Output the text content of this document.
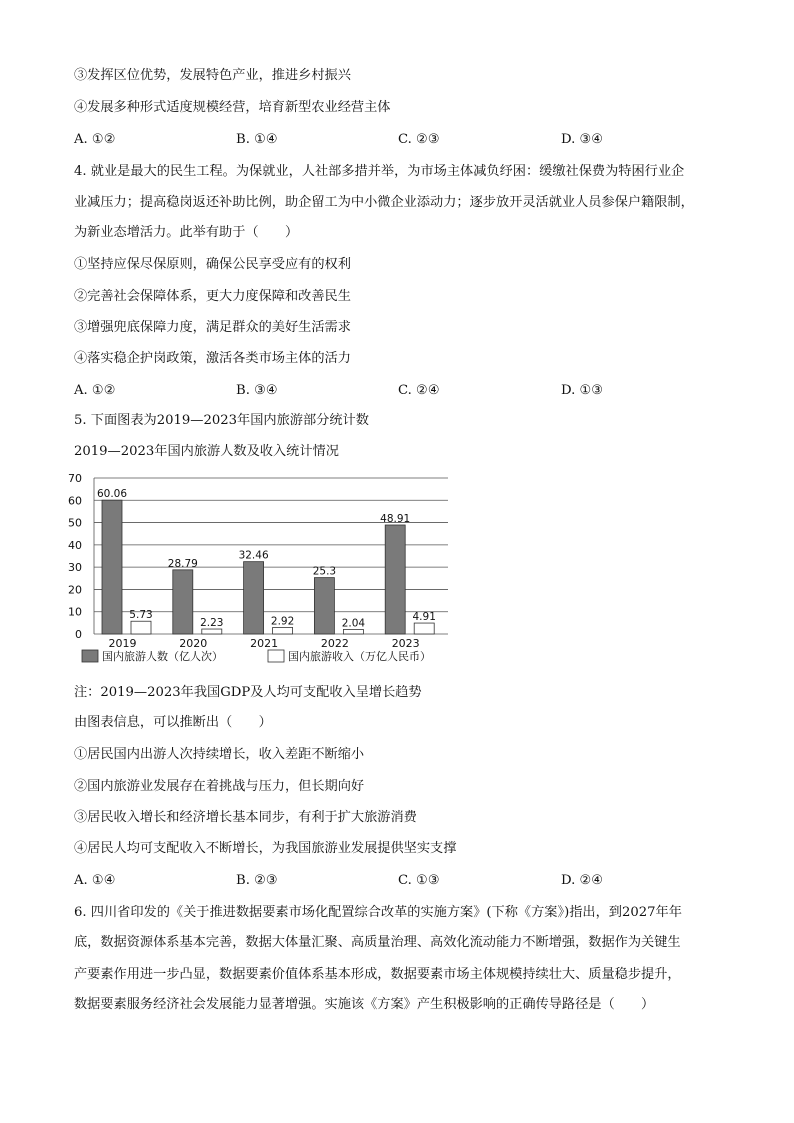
③发挥区位优势，发展特色产业，推进乡村振兴
④发展多种形式适度规模经营，培育新型农业经营主体
A. ①②	B. ①④	C. ②③	D. ③④
4. 就业是最大的民生工程。为保就业，人社部多措并举，为市场主体减负纾困：缓缴社保费为特困行业企
业减压力；提高稳岗返还补助比例，助企留工为中小微企业添动力；逐步放开灵活就业人员参保户籍限制，
为新业态增活力。此举有助于（　　）
①坚持应保尽保原则，确保公民享受应有的权利
②完善社会保障体系，更大力度保障和改善民生
③增强兜底保障力度，满足群众的美好生活需求
④落实稳企护岗政策，激活各类市场主体的活力
A. ①②	B. ③④	C. ②④	D. ①③
5. 下面图表为2019—2023年国内旅游部分统计数
2019—2023年国内旅游人数及收入统计情况
0
10
20
30
40
50
60
70
2019	2020	2021	2022	2023
60.06
5.73
28.79
2.23
32.46
2.92
25.3
2.04
48.91
4.91
国内旅游人数（亿人次）	国内旅游收入（万亿人民币）
注：2019—2023年我国GDP及人均可支配收入呈增长趋势
由图表信息，可以推断出（　　）
①居民国内出游人次持续增长，收入差距不断缩小
②国内旅游业发展存在着挑战与压力，但长期向好
③居民收入增长和经济增长基本同步，有利于扩大旅游消费
④居民人均可支配收入不断增长，为我国旅游业发展提供坚实支撑
A. ①④	B. ②③	C. ①③	D. ②④
6. 四川省印发的《关于推进数据要素市场化配置综合改革的实施方案》(下称《方案》)指出，到2027年年
底，数据资源体系基本完善，数据大体量汇聚、高质量治理、高效化流动能力不断增强，数据作为关键生
产要素作用进一步凸显，数据要素价值体系基本形成，数据要素市场主体规模持续壮大、质量稳步提升，
数据要素服务经济社会发展能力显著增强。实施该《方案》产生积极影响的正确传导路径是（　　）
